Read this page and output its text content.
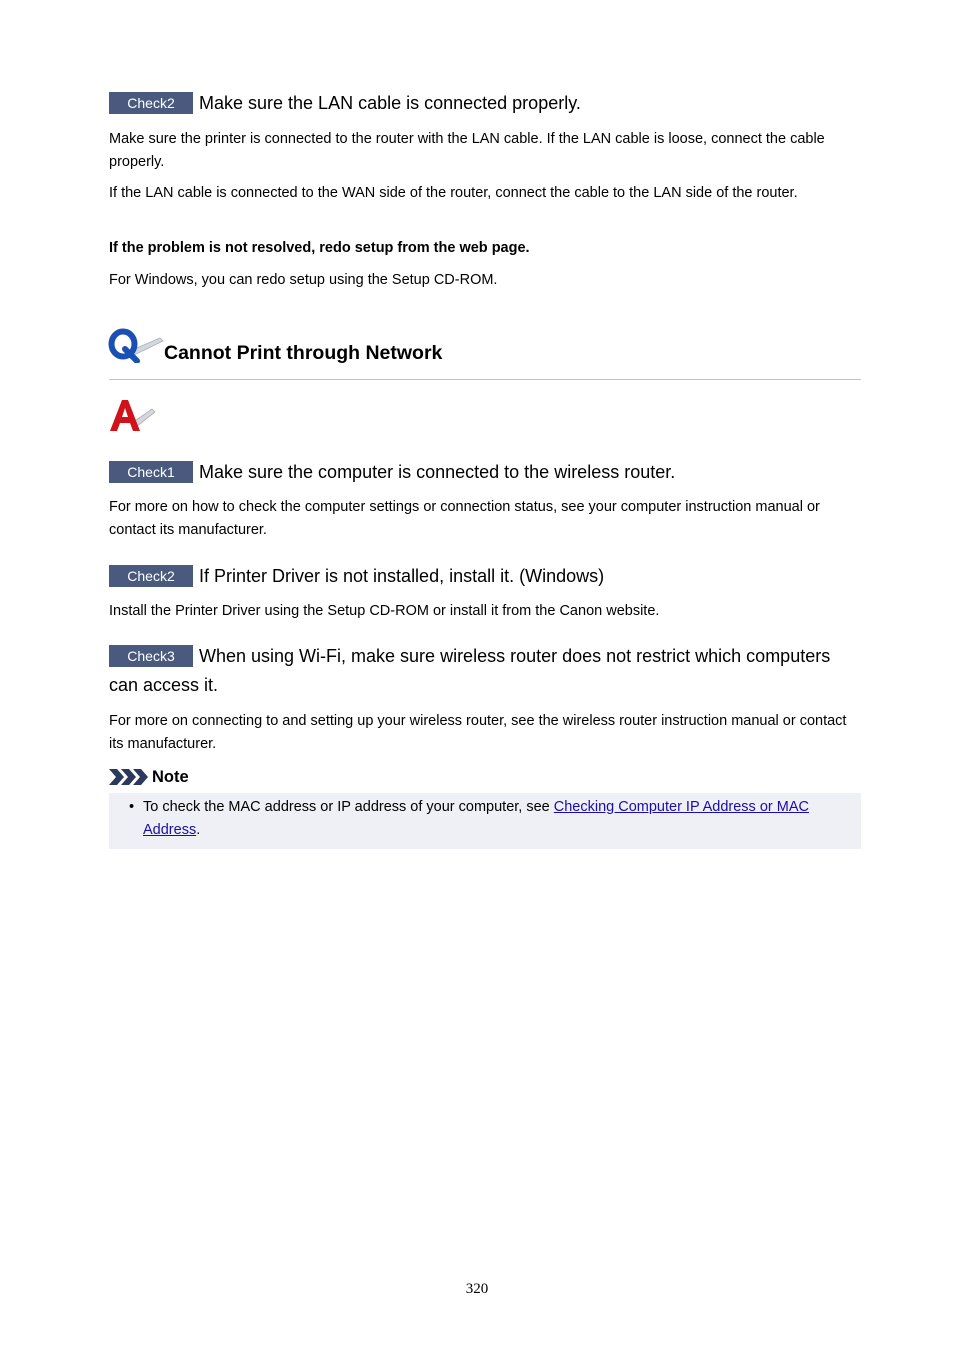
Check2 Make sure the LAN cable is connected properly.
Make sure the printer is connected to the router with the LAN cable. If the LAN cable is loose, connect the cable properly.
If the LAN cable is connected to the WAN side of the router, connect the cable to the LAN side of the router.
If the problem is not resolved, redo setup from the web page.
For Windows, you can redo setup using the Setup CD-ROM.
Cannot Print through Network
Check1 Make sure the computer is connected to the wireless router.
For more on how to check the computer settings or connection status, see your computer instruction manual or contact its manufacturer.
Check2 If Printer Driver is not installed, install it. (Windows)
Install the Printer Driver using the Setup CD-ROM or install it from the Canon website.
Check3 When using Wi-Fi, make sure wireless router does not restrict which computers can access it.
For more on connecting to and setting up your wireless router, see the wireless router instruction manual or contact its manufacturer.
Note
• To check the MAC address or IP address of your computer, see Checking Computer IP Address or MAC Address.
320
